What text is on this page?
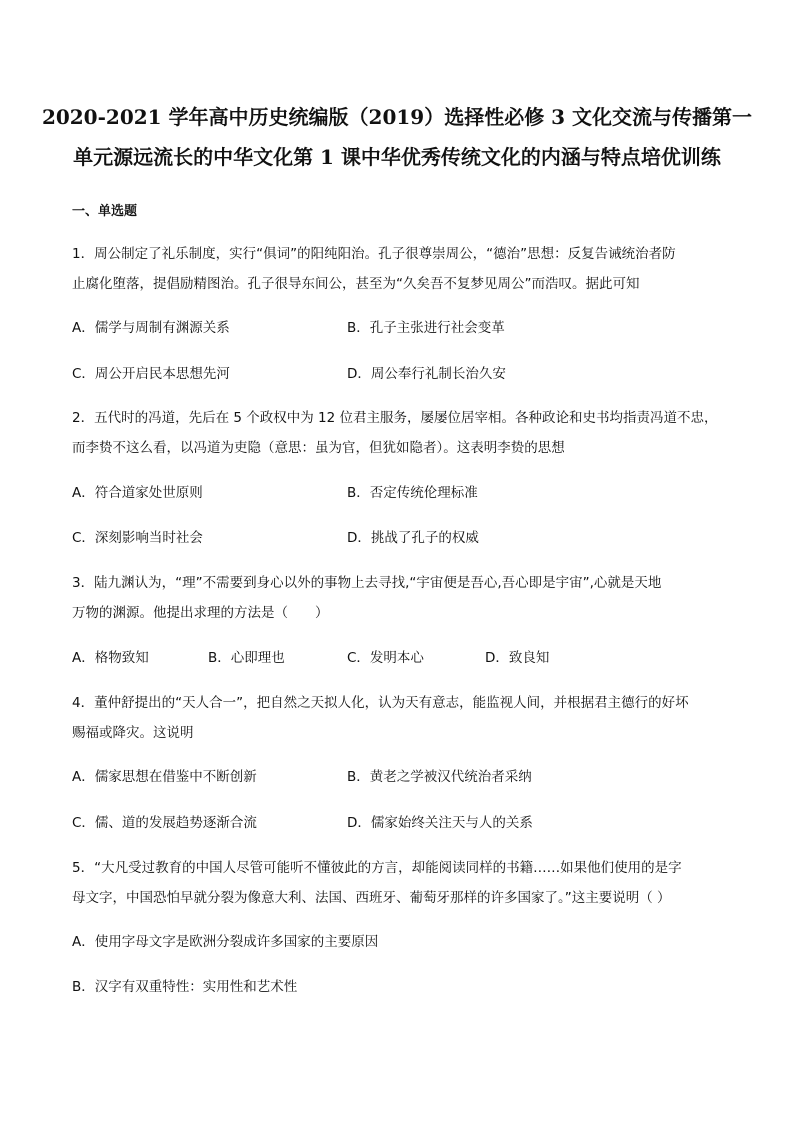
2020-2021 学年高中历史统编版（2019）选择性必修 3 文化交流与传播第一
单元源远流长的中华文化第 1 课中华优秀传统文化的内涵与特点培优训练
一、单选题
1．周公制定了礼乐制度，实行“俱词”的阳纯阳治。孔子很尊崇周公，“德治”思想：反复告诫统治者防
止腐化堕落，提倡励精图治。孔子很导东间公，甚至为“久矣吾不复梦见周公”而浩叹。据此可知
A．儒学与周制有渊源关系	B．孔子主张进行社会变革
C．周公开启民本思想先河	D．周公奉行礼制长治久安
2．五代时的冯道，先后在 5 个政权中为 12 位君主服务，屡屡位居宰相。各种政论和史书均指责冯道不忠，
而李贽不这么看，以冯道为吏隐（意思：虽为官，但犹如隐者）。这表明李贽的思想
A．符合道家处世原则	B．否定传统伦理标准
C．深刻影响当时社会	D．挑战了孔子的权威
3．陆九渊认为，“理”不需要到身心以外的事物上去寻找,“宇宙便是吾心,吾心即是宇宙”,心就是天地
万物的渊源。他提出求理的方法是（　　）
A．格物致知	B．心即理也	C．发明本心	D．致良知
4．董仲舒提出的“天人合一”，把自然之天拟人化，认为天有意志，能监视人间，并根据君主德行的好坏
赐福或降灾。这说明
A．儒家思想在借鉴中不断创新	B．黄老之学被汉代统治者采纳
C．儒、道的发展趋势逐渐合流	D．儒家始终关注天与人的关系
5．“大凡受过教育的中国人尽管可能听不懂彼此的方言，却能阅读同样的书籍……如果他们使用的是字
母文字，中国恐怕早就分裂为像意大利、法国、西班牙、葡萄牙那样的许多国家了。”这主要说明（ ）
A．使用字母文字是欧洲分裂成许多国家的主要原因
B．汉字有双重特性：实用性和艺术性
